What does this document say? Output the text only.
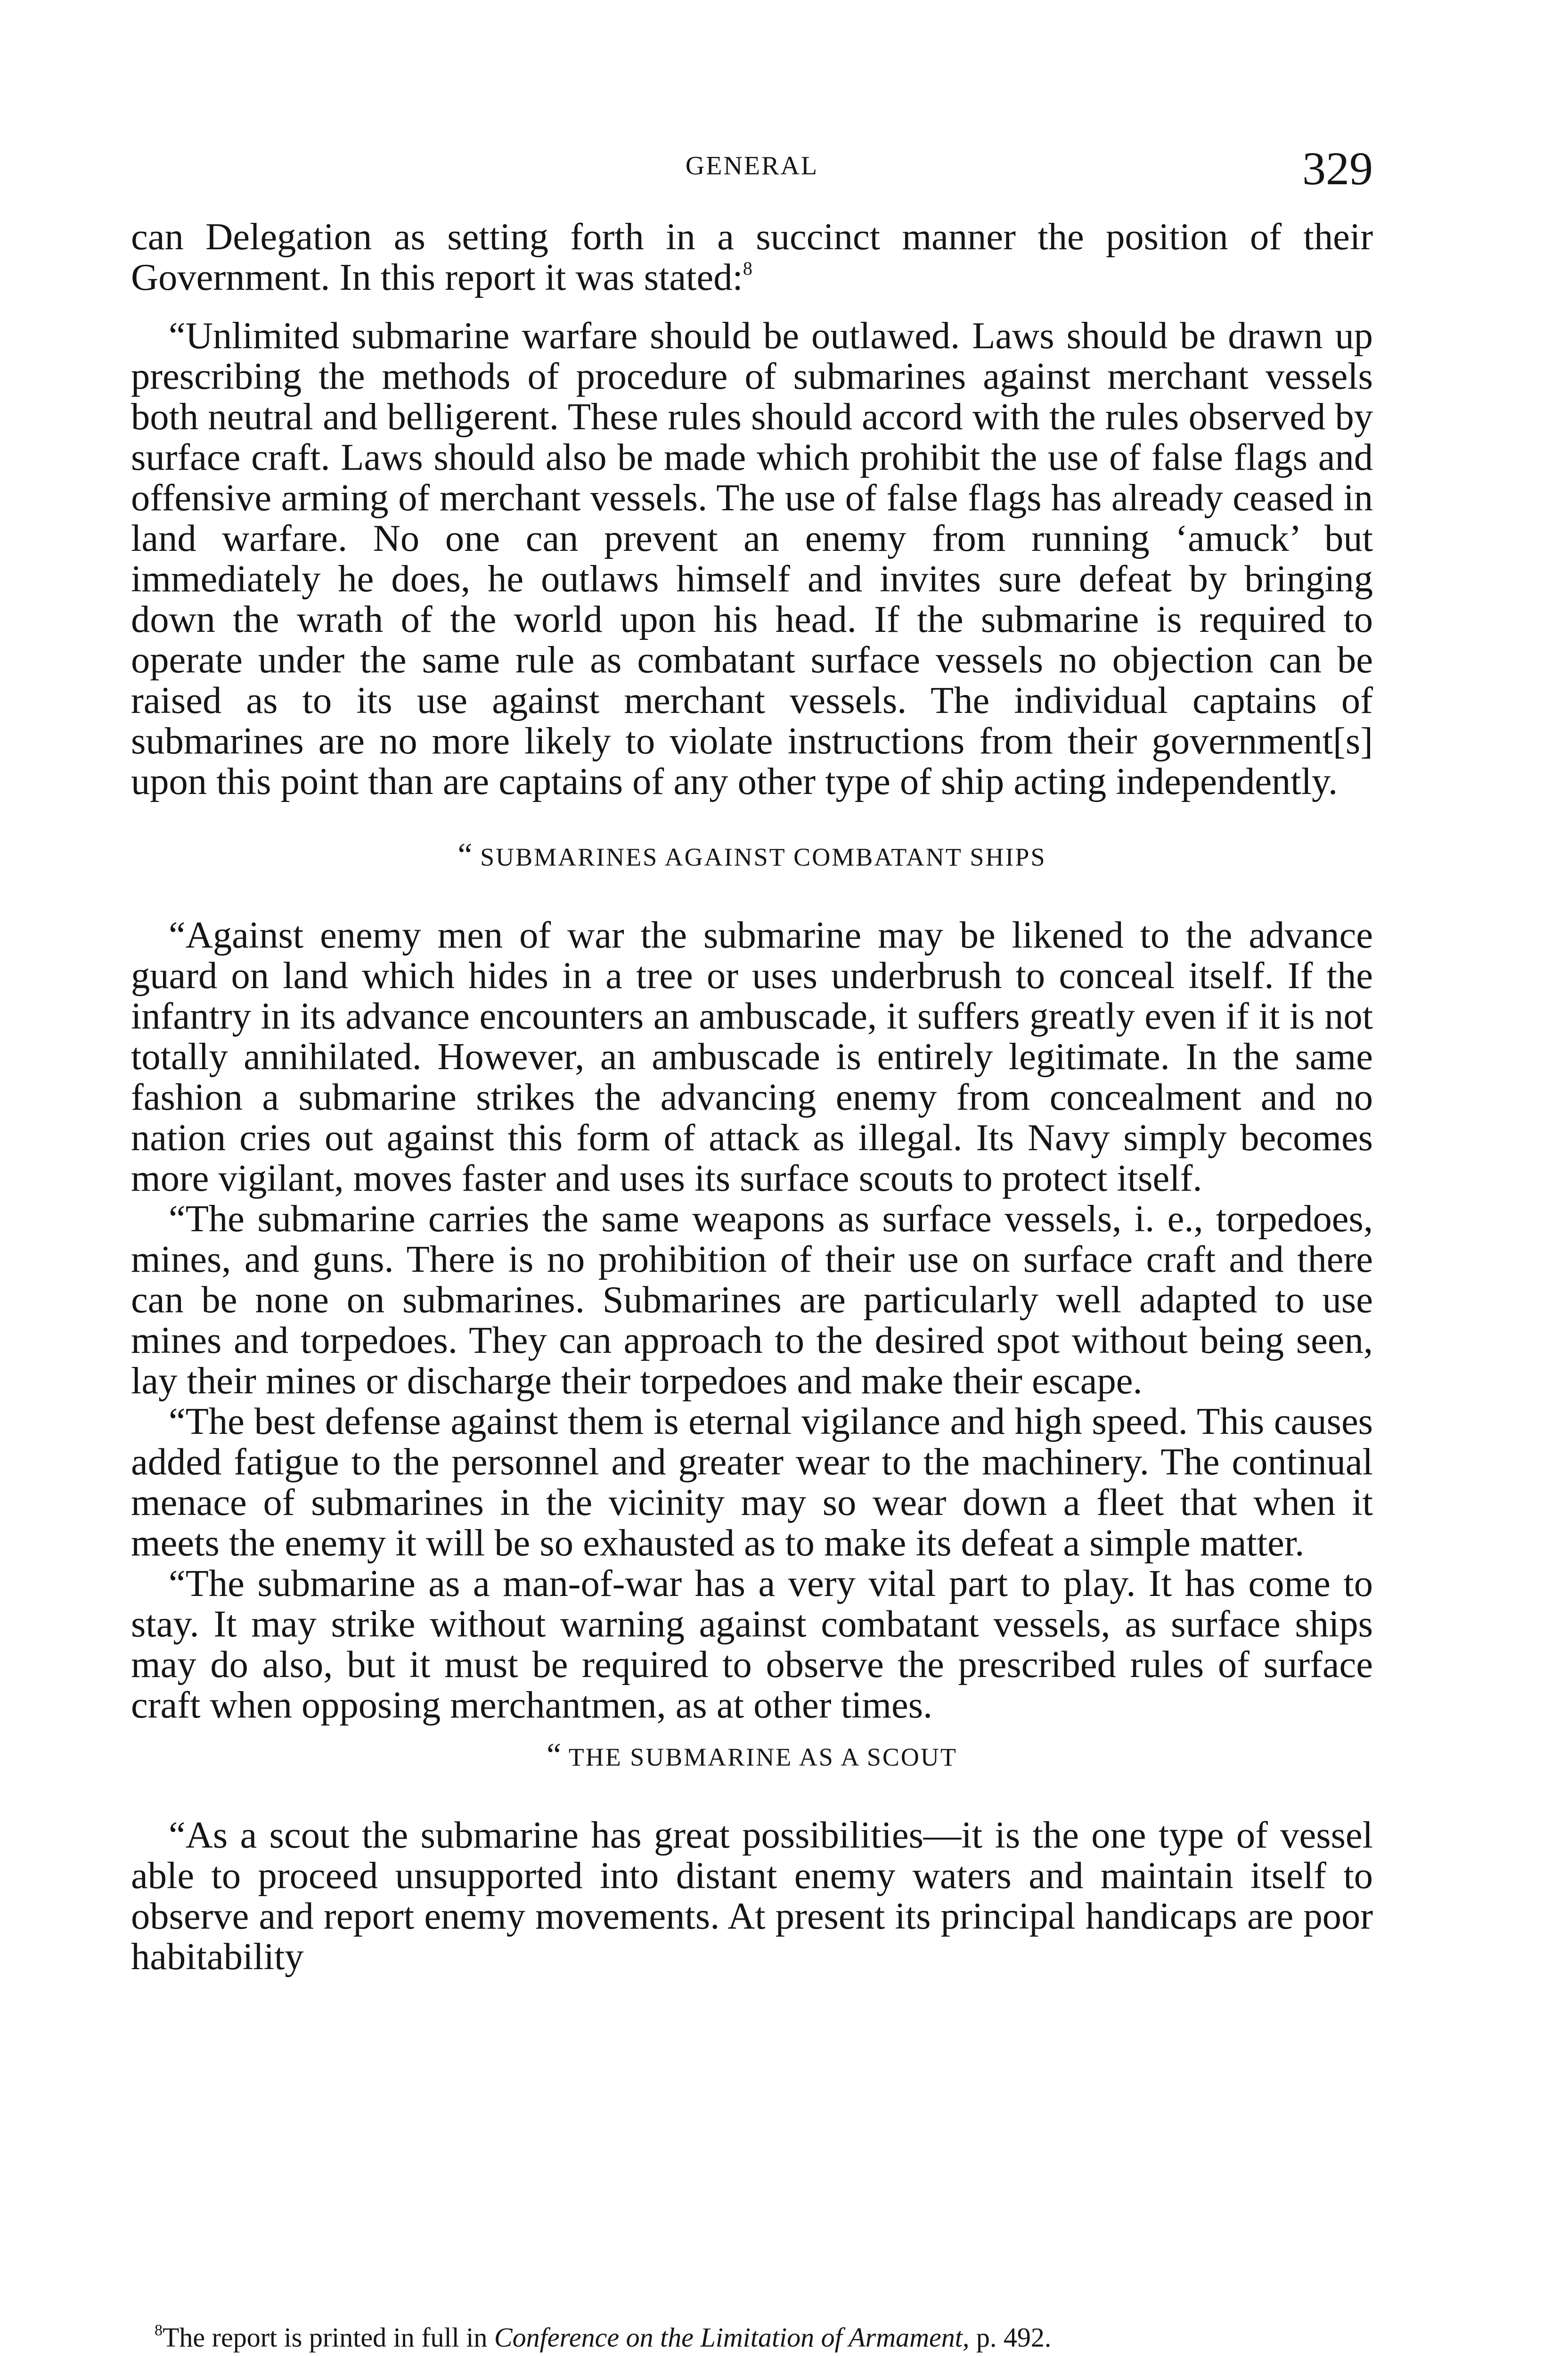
GENERAL	329

can Delegation as setting forth in a succinct manner the position of their Government. In this report it was stated:$^8$

“Unlimited submarine warfare should be outlawed. Laws should be drawn up prescribing the methods of procedure of submarines against merchant vessels both neutral and belligerent. These rules should accord with the rules observed by surface craft. Laws should also be made which prohibit the use of false flags and offensive arming of merchant vessels. The use of false flags has already ceased in land warfare. No one can prevent an enemy from running ‘amuck’ but immediately he does, he outlaws himself and invites sure defeat by bringing down the wrath of the world upon his head. If the submarine is required to operate under the same rule as combatant surface vessels no objection can be raised as to its use against merchant vessels. The individual captains of submarines are no more likely to violate instructions from their government[s] upon this point than are captains of any other type of ship acting independently.

“ SUBMARINES AGAINST COMBATANT SHIPS

“Against enemy men of war the submarine may be likened to the advance guard on land which hides in a tree or uses underbrush to conceal itself. If the infantry in its advance encounters an ambuscade, it suffers greatly even if it is not totally annihilated. However, an ambuscade is entirely legitimate. In the same fashion a submarine strikes the advancing enemy from concealment and no nation cries out against this form of attack as illegal. Its Navy simply becomes more vigilant, moves faster and uses its surface scouts to protect itself.

“The submarine carries the same weapons as surface vessels, i. e., torpedoes, mines, and guns. There is no prohibition of their use on surface craft and there can be none on submarines. Submarines are particularly well adapted to use mines and torpedoes. They can approach to the desired spot without being seen, lay their mines or discharge their torpedoes and make their escape.

“The best defense against them is eternal vigilance and high speed. This causes added fatigue to the personnel and greater wear to the machinery. The continual menace of submarines in the vicinity may so wear down a fleet that when it meets the enemy it will be so exhausted as to make its defeat a simple matter.

“The submarine as a man-of-war has a very vital part to play. It has come to stay. It may strike without warning against combatant vessels, as surface ships may do also, but it must be required to observe the prescribed rules of surface craft when opposing merchantmen, as at other times.

“ THE SUBMARINE AS A SCOUT

“As a scout the submarine has great possibilities—it is the one type of vessel able to proceed unsupported into distant enemy waters and maintain itself to observe and report enemy movements. At present its principal handicaps are poor habitability

$^8$The report is printed in full in Conference on the Limitation of Armament, p. 492.
